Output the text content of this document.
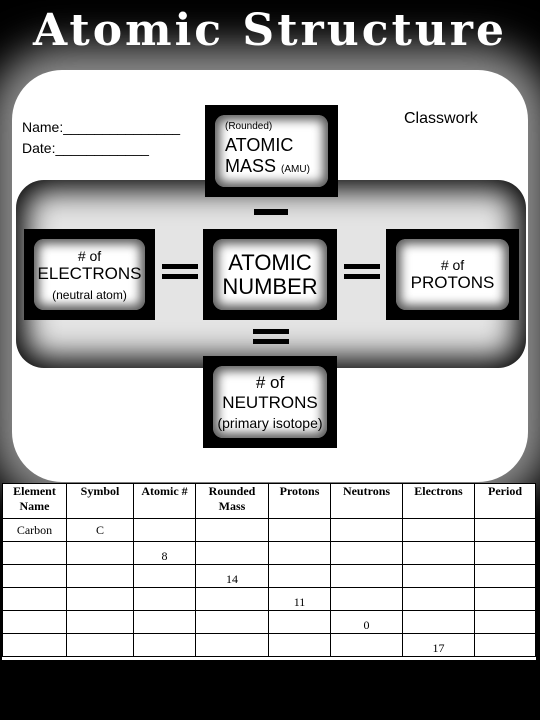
Atomic Structure
Name:_______________
Date:____________
Classwork
(Rounded)
ATOMIC
MASS (AMU)
# of
ELECTRONS
(neutral atom)
ATOMIC
NUMBER
# of
PROTONS
# of
NEUTRONS
(primary isotope)
Element Name	Symbol	Atomic #	Rounded Mass	Protons	Neutrons	Electrons	Period
Carbon	C						
		8					
			14				
				11			
					0		
						17	
